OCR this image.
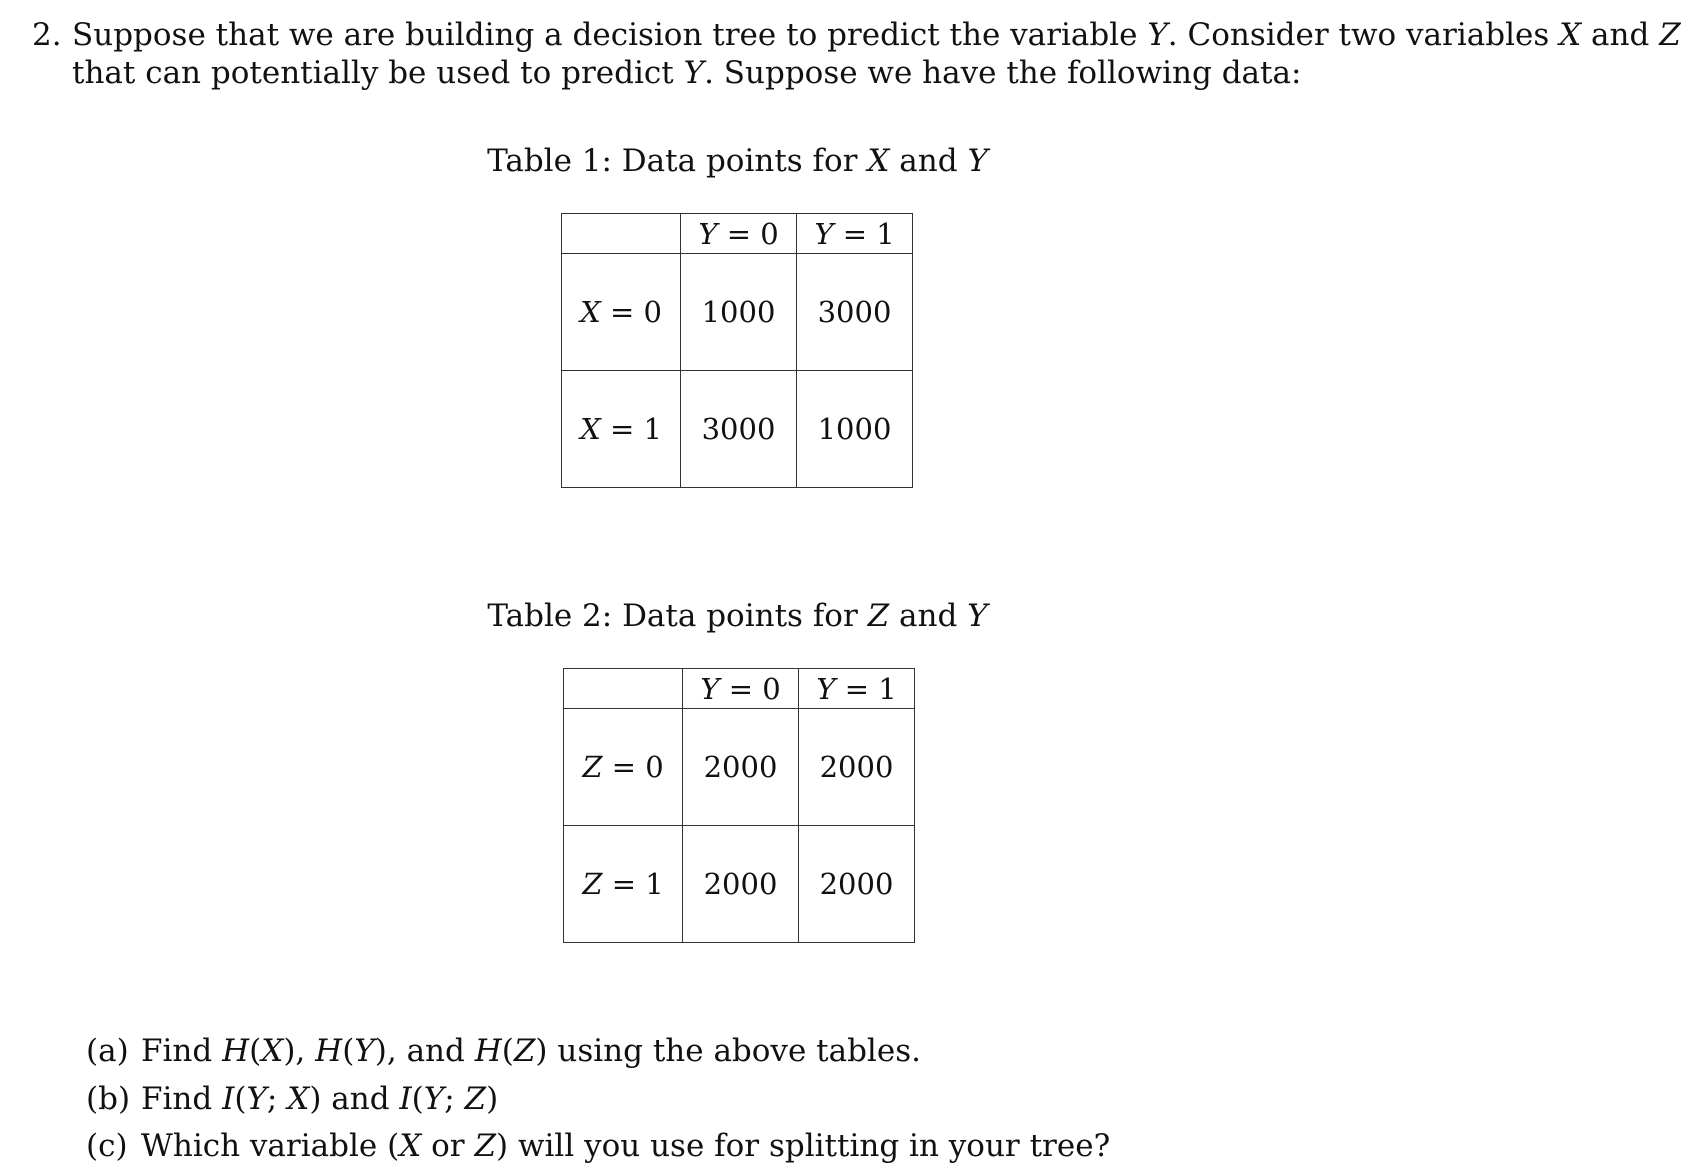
2. Suppose that we are building a decision tree to predict the variable Y. Consider two variables X and Z
that can potentially be used to predict Y. Suppose we have the following data:
Table 1: Data points for X and Y
	Y = 0	Y = 1
X = 0	1000	3000
X = 1	3000	1000
Table 2: Data points for Z and Y
	Y = 0	Y = 1
Z = 0	2000	2000
Z = 1	2000	2000
(a) Find H(X), H(Y), and H(Z) using the above tables.
(b) Find I(Y; X) and I(Y; Z)
(c) Which variable (X or Z) will you use for splitting in your tree?
